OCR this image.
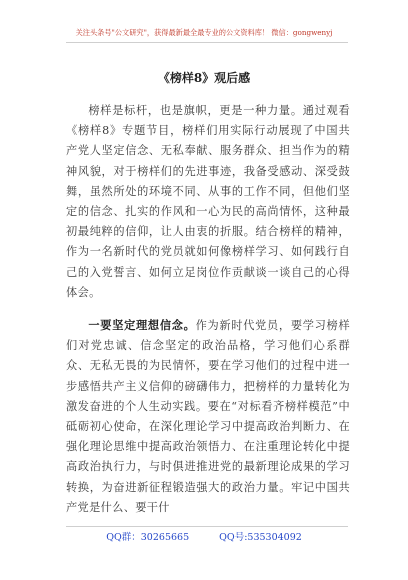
关注头条号"公文研究"，获得最新最全最专业的公文资料库！ 微信：gongwenyj
《榜样8》观后感

榜样是标杆，也是旗帜，更是一种力量。通过观看《榜样8》专题节目，榜样们用实际行动展现了中国共产党人坚定信念、无私奉献、服务群众、担当作为的精神风貌，对于榜样们的先进事迹，我备受感动、深受鼓舞，虽然所处的环境不同、从事的工作不同，但他们坚定的信念、扎实的作风和一心为民的高尚情怀，这种最初最纯粹的信仰，让人由衷的折服。结合榜样的精神，作为一名新时代的党员就如何像榜样学习、如何践行自己的入党誓言、如何立足岗位作贡献谈一谈自己的心得体会。

一要坚定理想信念。作为新时代党员，要学习榜样们对党忠诚、信念坚定的政治品格，学习他们心系群众、无私无畏的为民情怀，要在学习他们的过程中进一步感悟共产主义信仰的磅礴伟力，把榜样的力量转化为激发奋进的个人生动实践。要在“对标看齐榜样模范”中砥砺初心使命，在深化理论学习中提高政治判断力、在强化理论思维中提高政治领悟力、在注重理论转化中提高政治执行力，与时俱进推进党的最新理论成果的学习转换，为奋进新征程锻造强大的政治力量。牢记中国共产党是什么、要干什

QQ群：30265665	QQ号:535304092
